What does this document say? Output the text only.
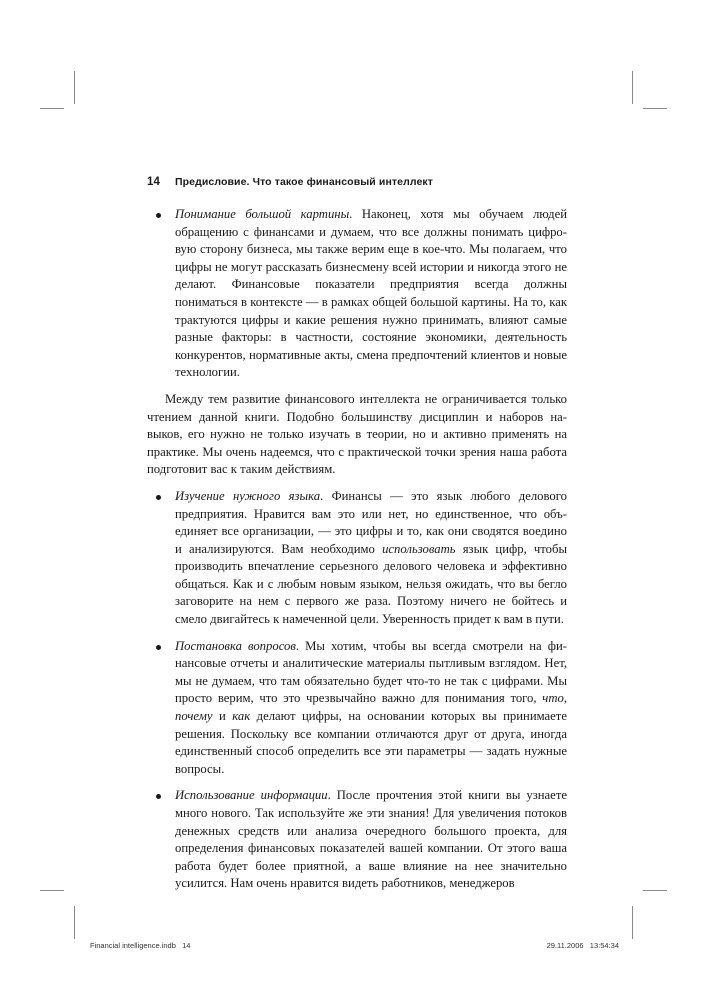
14 Предисловие. Что такое финансовый интеллект
Понимание большой картины. Наконец, хотя мы обучаем людей обращению с финансами и думаем, что все должны понимать цифровую сторону бизнеса, мы также верим еще в кое-что. Мы полагаем, что цифры не могут рассказать бизнесмену всей истории и никогда этого не делают. Финансовые показатели предприятия всегда должны пониматься в контексте — в рамках общей большой картины. На то, как трактуются цифры и какие решения нужно принимать, влияют самые разные факторы: в частности, состояние экономики, деятельность конкурентов, нормативные акты, смена предпочтений клиентов и новые технологии.

Между тем развитие финансового интеллекта не ограничивается только чтением данной книги. Подобно большинству дисциплин и наборов навыков, его нужно не только изучать в теории, но и активно применять на практике. Мы очень надеемся, что с практической точки зрения наша работа подготовит вас к таким действиям.

Изучение нужного языка. Финансы — это язык любого делового предприятия. Нравится вам это или нет, но единственное, что объединяет все организации, — это цифры и то, как они сводятся воедино и анализируются. Вам необходимо использовать язык цифр, чтобы производить впечатление серьезного делового человека и эффективно общаться. Как и с любым новым языком, нельзя ожидать, что вы бегло заговорите на нем с первого же раза. Поэтому ничего не бойтесь и смело двигайтесь к намеченной цели. Уверенность придет к вам в пути.
Постановка вопросов. Мы хотим, чтобы вы всегда смотрели на финансовые отчеты и аналитические материалы пытливым взглядом. Нет, мы не думаем, что там обязательно будет что-то не так с цифрами. Мы просто верим, что это чрезвычайно важно для понимания того, что, почему и как делают цифры, на основании которых вы принимаете решения. Поскольку все компании отличаются друг от друга, иногда единственный способ определить все эти параметры — задать нужные вопросы.
Использование информации. После прочтения этой книги вы узнаете много нового. Так используйте же эти знания! Для увеличения потоков денежных средств или анализа очередного большого проекта, для определения финансовых показателей вашей компании. От этого ваша работа будет более приятной, а ваше влияние на нее значительно усилится. Нам очень нравится видеть работников, менеджеров
Financial intelligence.indb   14	29.11.2006   13:54:34
